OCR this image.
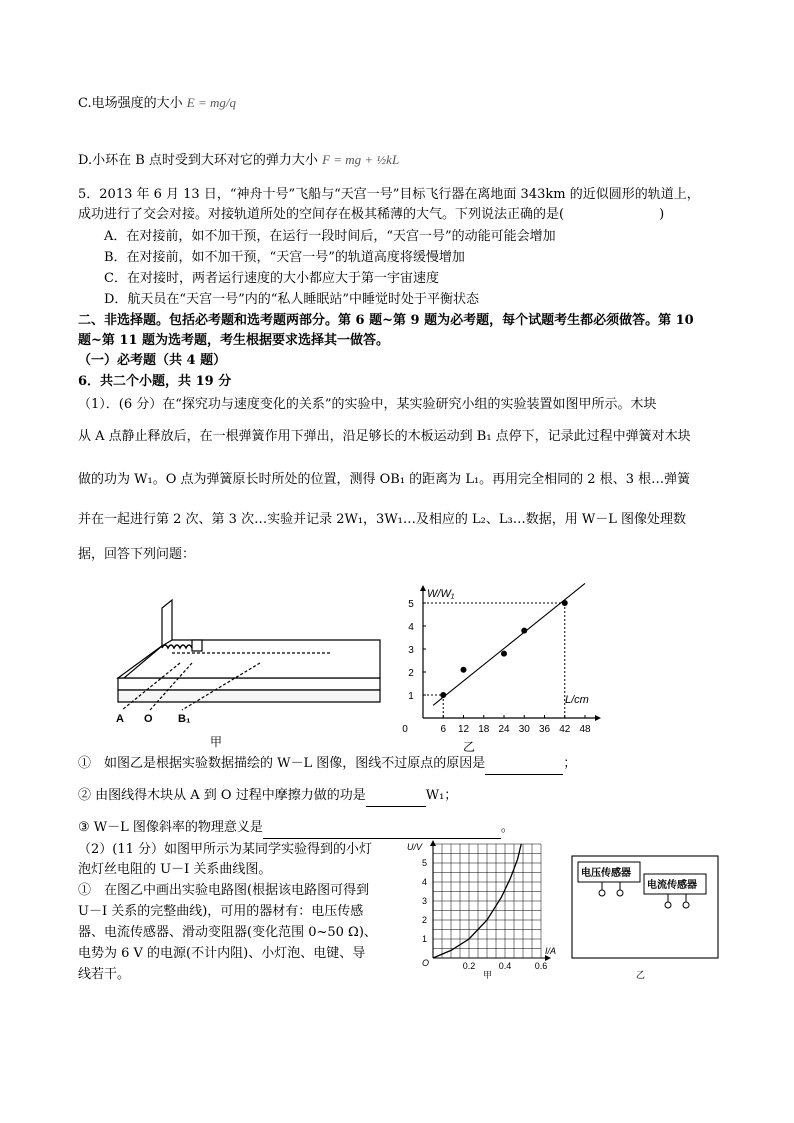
C.电场强度的大小 E = mg/q
D.小环在 B 点时受到大环对它的弹力大小 F = mg + ½kL
5．2013 年 6 月 13 日，“神舟十号”飞船与“天宫一号”目标飞行器在离地面 343km 的近似圆形的轨道上，
成功进行了交会对接。对接轨道所处的空间存在极其稀薄的大气。下列说法正确的是(	)
A．在对接前，如不加干预，在运行一段时间后，“天宫一号”的动能可能会增加
B．在对接前，如不加干预，“天宫一号”的轨道高度将缓慢增加
C．在对接时，两者运行速度的大小都应大于第一宇宙速度
D．航天员在“天宫一号”内的“私人睡眠站”中睡觉时处于平衡状态
二、非选择题。包括必考题和选考题两部分。第 6 题~第 9 题为必考题，每个试题考生都必须做答。第 10
题~第 11 题为选考题，考生根据要求选择其一做答。
（一）必考题（共 4 题）
6．共二个小题，共 19 分
（1）．(6 分）在“探究功与速度变化的关系”的实验中，某实验研究小组的实验装置如图甲所示。木块
从 A 点静止释放后，在一根弹簧作用下弹出，沿足够长的木板运动到 B₁ 点停下，记录此过程中弹簧对木块
做的功为 W₁。O 点为弹簧原长时所处的位置，测得 OB₁ 的距离为 L₁。再用完全相同的 2 根、3 根…弹簧
并在一起进行第 2 次、第 3 次…实验并记录 2W₁，3W₁…及相应的 L₂、L₃…数据，用 W－L 图像处理数
据，回答下列问题：
A O B₁
甲
0	6 12 18 24 30 36 42 48
1
2
3
4
5
W/W₁
L/cm
乙
①　如图乙是根据实验数据描绘的 W－L 图像，图线不过原点的原因是	；
② 由图线得木块从 A 到 O 过程中摩擦力做的功是	W₁；
③ W－L 图像斜率的物理意义是	。
（2）(11 分）如图甲所示为某同学实验得到的小灯
泡灯丝电阻的 U－I 关系曲线图。
①　在图乙中画出实验电路图(根据该电路图可得到
U－I 关系的完整曲线)，可用的器材有：电压传感
器、电流传感器、滑动变阻器(变化范围 0~50 Ω)、
电势为 6 V 的电源(不计内阻)、小灯泡、电键、导
线若干。
0.2	0.4	0.6
1
2
3
4
5
U/V
I/A
O
甲
电压传感器
电流传感器
乙
